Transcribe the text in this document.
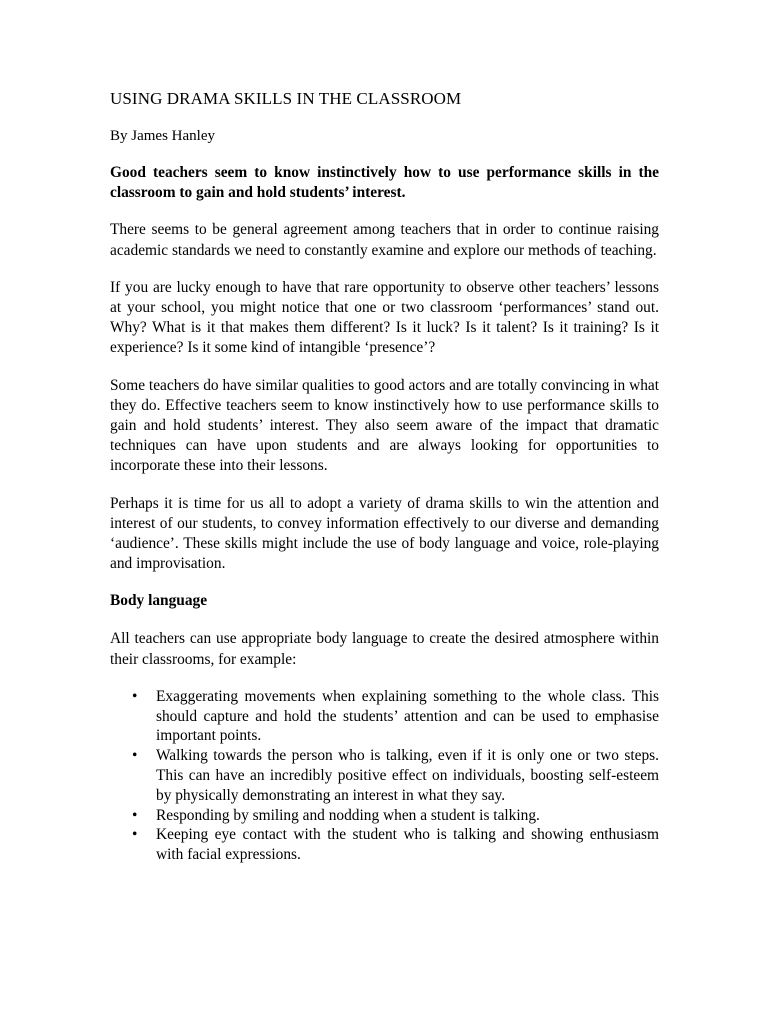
USING DRAMA SKILLS IN THE CLASSROOM
By James Hanley

Good teachers seem to know instinctively how to use performance skills in the classroom to gain and hold students’ interest.

There seems to be general agreement among teachers that in order to continue raising academic standards we need to constantly examine and explore our methods of teaching.

If you are lucky enough to have that rare opportunity to observe other teachers’ lessons at your school, you might notice that one or two classroom ‘performances’ stand out. Why? What is it that makes them different? Is it luck? Is it talent? Is it training? Is it experience? Is it some kind of intangible ‘presence’?

Some teachers do have similar qualities to good actors and are totally convincing in what they do. Effective teachers seem to know instinctively how to use performance skills to gain and hold students’ interest. They also seem aware of the impact that dramatic techniques can have upon students and are always looking for opportunities to incorporate these into their lessons.

Perhaps it is time for us all to adopt a variety of drama skills to win the attention and interest of our students, to convey information effectively to our diverse and demanding ‘audience’. These skills might include the use of body language and voice, role-playing and improvisation.

Body language

All teachers can use appropriate body language to create the desired atmosphere within their classrooms, for example:

• Exaggerating movements when explaining something to the whole class. This should capture and hold the students’ attention and can be used to emphasise important points.
• Walking towards the person who is talking, even if it is only one or two steps. This can have an incredibly positive effect on individuals, boosting self-esteem by physically demonstrating an interest in what they say.
• Responding by smiling and nodding when a student is talking.
• Keeping eye contact with the student who is talking and showing enthusiasm with facial expressions.
